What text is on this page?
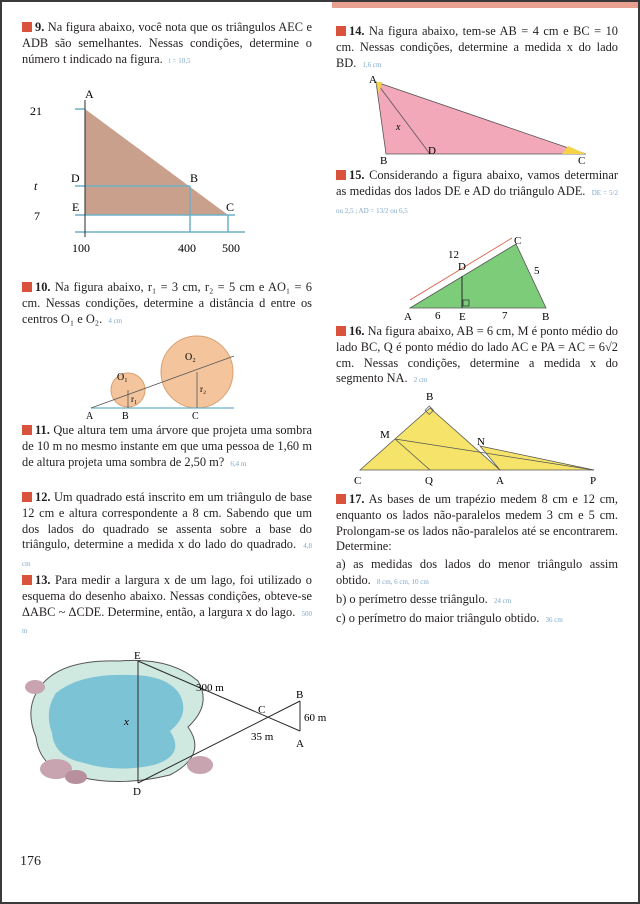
9. Na figura abaixo, você nota que os triângulos AEC e ADB são semelhantes. Nessas condições, determine o número t indicado na figura. t = 10,5
21
t
7
A
D
E
B
C
100	400 500
10. Na figura abaixo, r₁ = 3 cm, r₂ = 5 cm e AO₁ = 6 cm. Nessas condições, determine a distância d entre os centros O₁ e O₂. 4 cm
A	B	C
O₁
O₂
r₁
r₂
11. Que altura tem uma árvore que projeta uma sombra de 10 m no mesmo instante em que uma pessoa de 1,60 m de altura projeta uma sombra de 2,50 m? 6,4 m
12. Um quadrado está inscrito em um triângulo de base 12 cm e altura correspondente a 8 cm. Sabendo que um dos lados do quadrado se assenta sobre a base do triângulo, determine a medida x do lado do quadrado. 4,8 cm
13. Para medir a largura x de um lago, foi utilizado o esquema do desenho abaixo. Nessas condições, obteve-se ΔABC ~ ΔCDE. Determine, então, a largura x do lago. 500 m
E
D
x
C
B
A
300 m
35 m
60 m
176
14. Na figura abaixo, tem-se AB = 4 cm e BC = 10 cm. Nessas condições, determine a medida x do lado BD. 1,6 cm
A
B
D
C
x
15. Considerando a figura abaixo, vamos determinar as medidas dos lados DE e AD do triângulo ADE. DE = 5/2 ou 2,5 ; AD = 13/2 ou 6,5
A	E	B
D
C
12
5
6	7
16. Na figura abaixo, AB = 6 cm, M é ponto médio do lado BC, Q é ponto médio do lado AC e PA = AC = 6√2 cm. Nessas condições, determine a medida x do segmento NA. 2 cm
B
M
N
C	Q	A	P
17. As bases de um trapézio medem 8 cm e 12 cm, enquanto os lados não-paralelos medem 3 cm e 5 cm. Prolongam-se os lados não-paralelos até se encontrarem. Determine:
a) as medidas dos lados do menor triângulo assim obtido. 8 cm, 6 cm, 10 cm
b) o perímetro desse triângulo. 24 cm
c) o perímetro do maior triângulo obtido. 36 cm
